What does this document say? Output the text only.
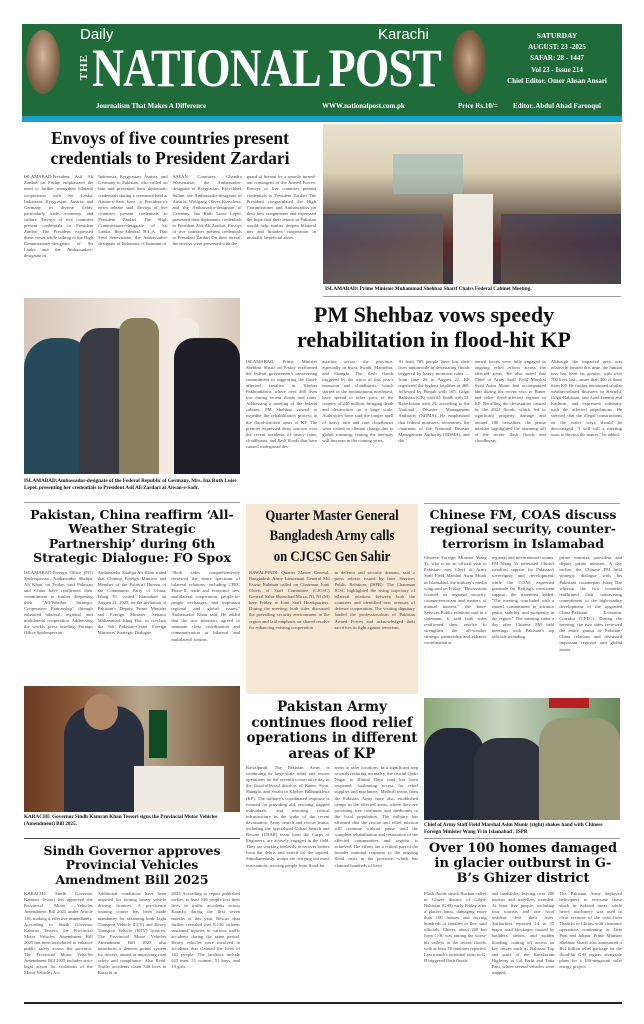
Daily
THE NATIONAL POST
Karachi
Journalism That Makes A Difference	WWW.nationalpost.com.pk	Price Rs.10/=
SATURDAY
AUGUST: 23 -2025
SAFAR: 28 - 1447
Vol 23 - Issue 214
Chief Editor. Omer Ahsan Ansari
Editor..Abdul Ahad Farooqui
Envoys of five countries present credentials to President Zardari
ISLAMABAD:President Asif Ali Zardari on Friday emphasized the need to further strengthen bilateral cooperation with Sri Lanka, Indonesia, Kyrgyzstan, Austria, and Germany in diverse fields, particularly trade, economy, and culture. Envoys of five countries present credentials to President Zardari The President expressed these views while talking to the High Commissioner-designate of Sri Lanka and the Ambassadors-designate of
Indonesia, Kyrgyzstan, Austria, and Germany to Pakistan, who called on him and presented their diplomatic credentials during a ceremony held at Aiwan-e-Sadr here, a Presidency's news release said. Envoys of five countries present credentials to President Zardari The High Commissioner-designate of Sri Lanka, Rear-Admiral H.L.A. Don Fred Seneviratne, the Ambassador-designate of Indonesia / Chairman of
ASEAN Countries, Chandra Warsenanto, the Ambassador-designate of Kyrgyzstan, Kylychbek Sultan, the Ambassador-designate of Austria, Wolfgang Oliver Kutschera, and the Ambassador-designate of Germany, Ina Ruth Luise Lepel, presented their diplomatic credentials to President Asif Ali Zardari. Envoys of five countries present credentials to President Zardari On their arrival, the envoys were presented with the
guard of honour by a smartly turned-out contingent of the Armed Forces. Envoys of five countries present credentials to President Zardari The President congratulated the High Commissioner and Ambassadors on their new assignments and expressed the hope that their tenure in Pakistan would help further deepen bilateral ties and broaden cooperation in mutually beneficial areas.
ISLAMABAD: Prime Minister Muhammad Shehbaz Sharif Chairs Federal Cabinet Meeting.
ISLAMABAD:Ambassador-designate of the Federal Republic of Germany, Mrs. Ina Ruth Luise Lepel, presenting her credentials to President Asif Ali Zardari at Aiwan-e-Sadr.
PM Shehbaz vows speedy rehabilitation in flood-hit KP
ISLAMABAD: Prime Minister Shehbaz Sharif on Friday reaffirmed the federal government's unwavering commitment to supporting the flood-affected families in Khyber Pakhtunkhwa, where over 460 lives lost during recent floods and rains. Addressing a meeting of the federal cabinet, PM Shehbaz vowed to expedite the rehabilitation process in the flood-stricken areas of KP. The premier expressed deep concern over the recent incidents of heavy rains, cloudbursts, and flash floods that have caused widespread dev-
astation across the province, especially in Swat, Swabi, Mansehra, and Shangla. The flash floods triggered by the worst of this year's monsoon and cloudbursts, which started in the mountainous northwest, have spread to other parts of the country of 240 million, bringing death and destruction on a large scale. Authorities have said the longer spell of heavy rain and rare cloudbursts were rooted in climate change due to global warming, fearing the intensity will increase in the coming years.
At least 785 people have lost their lives nationwide in devastating floods triggered by heavy monsoon rains — from June 26 to August 22. KP registered the highest fatalities at 469, followed by Punjab with 165, Gilgit Baltistan (GB) with 45, Sindh with 51, Balochistan with 24, according to the National Disaster Management Authority (NDMA). He emphasised that federal ministers, secretaries, the chairman of the National Disaster Management Authority (NDMA), and the
armed forces were fully engaged in ongoing relief efforts across the affected areas. He also noted that Chief of Army Staff Field Marshal Syed Asim Munir had accompanied him during his recent visit to Buner and other flood-affected regions in KP. Recalling the devastation caused by the 2022 floods, which led to significant property damage and around 100 casualties, the prime minister highlighted the alarming toll of the recent flash floods and cloudbursts.
Although the impacted area was relatively limited this time, the human loss has been far greater, with over 700 lives lost—more than 400 of them from KP. He further mentioned similar weather-related disasters in Karachi, Gilgit-Baltistan, and Azad Jammu and Kashmir, and expressed solidarity with the affected populations. He stressed that the illegal constructions on the water ways should be discouraged. "I will call a meeting soon to discuss the matter," he added.
Pakistan, China reaffirm ‘All-Weather Strategic Partnership’ during 6th Strategic Dialogue: FO Spox
ISLAMABAD:Foreign Office (FO) Spokesperson, Ambassador Shafqat Ali Khan, on Friday, said Pakistan and China have reaffirmed their commitment to further deepening their "All-Weather Strategic Cooperative Partnership" through enhanced bilateral, regional, and multilateral cooperation. Addressing the weekly press briefing, Foreign Office Spokesperson
Ambassador Shafqat Ali Khan stated that Chinese Foreign Minister and Member of the Political Bureau of the Communist Party of China, Wang Yi, visited Islamabad on August 21, 2025, on the invitation of Pakistan's Deputy Prime Minister and Foreign Minister, Senator Mohammad Ishaq Dar, to co-chair the 6th Pakistan-China Foreign Ministers' Strategic Dialogue.
"Both sides comprehensively reviewed the entire spectrum of bilateral relations, including CPEC Phase-II, trade and economic ties, multilateral cooperation, people-to-people exchanges, and important regional and global issues," Ambassador Khan said. He added that the two ministers agreed to maintain close coordination and communication at bilateral and multilateral forums.
Quarter Master General Bangladesh Army calls on CJCSC Gen Sahir
RAWALPINDI: Quarter Master General, Bangladesh Army Lieutenant General Md Faizur Rahman called on Chairman Joint Chiefs of Staff Committee (CJCSC) General Sahir Shamshad Mirza, NI, NI (M) here Friday at Joint Staff Headquarters. During the meeting, both sides discussed the prevailing security environment in the region and laid emphasis on shared resolve for enhancing existing cooperation
in defence and security domain, said a press release issued by Inter Services Public Relations (ISPR). The Chairman JCSC highlighted the rising trajectory of bilateral relations between both the countries and identified new avenues of defence cooperation. The visiting dignitary lauded the professionalism of Pakistan Armed Forces and acknowledged their sacrifices in fight against terrorism.
Chinese FM, COAS discuss regional security, counter-terrorism in Islamabad
Chinese Foreign Minister Wang Yi, who is on an official visit to Pakistan, met Chief of Army Staff Field Marshal Asim Munir in Islamabad, the military's media wing said on Friday. "Discussions focused on regional security, counter-terrorism and matters of mutual interest," the Inter-Services Public relations said in a statement. It said both sides reaffirmed their resolve to strengthen the all-weather strategic partnership and enhance coordination at
regional and international forums. FM Wang Yi reiterated China's steadfast support for Pakistan's sovereignty and development, while the COAS expressed gratitude for Beijing's consistent support, the statement added. "The meeting concluded with a shared commitment to advance peace, stability, and prosperity in the region." The meeting came a day after Chinese FM held meetings with Pakistan's top officials including
prime minister, president and deputy prime minister. A day earlier, the Chinese FM held strategic dialogue with his Pakistani counterpart Ishaq Dar wherein the two countries reaffirmed their unwavering commitment to the high-quality development of the upgraded China-Pakistan Economic Corridor (CPEC). During the meeting, the two sides reviewed the entire gamut of Pakistan-China relations and discussed important regional and global issues.
KARACHI: Governor Sindh Kamran Khan Tessori signs the Provincial Motor Vehicles (Amendment) Bill 2025.
Pakistan Army continues flood relief operations in different areas of KP
Rawalpindi: The Pakistan Army is continuing its large-scale relief and rescue operations for the seventh consecutive day in the flood-affected districts of Buner, Swat, Shangla, and Swabi in Khyber Pakhtunkhwa (KP). The military's coordinated response is focused on providing aid, rescuing trapped individuals, and restoring critical infrastructure in the wake of the recent devastation. Army search and rescue teams, including the specialized Urban Search and Rescue (USAR) team from the Corps of Engineers, are actively engaged in the field. They are working tirelessly to recover bodies from the debris and search for the injured. Simultaneously, troops are carrying out mass evacuations, moving people from flood-hit
areas to safer locations. In a significant step towards restoring normalcy, the crucial Qadir Nagar to Bhittai Dara road has been reopened, facilitating access for relief supplies and machinery. Medical teams from the Pakistan Army have also established camps in the affected areas, where they are providing free treatment and medicines to the local population. The military has affirmed that the rescue and relief mission will continue without pause until the complete rehabilitation and restoration of the affected communities and regions is achieved. The efforts are a critical part of the broader national response to the ongoing flood crisis in the province, which has claimed hundreds of lives.
Chief of Army Staff Field Marshal Asim Munir (right) shakes hand with Chinese Foreign Minister Wang Yi in Islamabad . ISPR
Sindh Governor approves Provincial Vehicles Amendment Bill 2025
KARACHI: Sindh Governor Kamran Tessori has approved the Provincial Motor Vehicles Amendment Bill 2025 under Article 116, making it effective immediately. According to Sindh Governor Kamran Tessori, the Provincial Motor Vehicles Amendment Bill 2025 has been introduced to enhance public safety across the province. The Provincial Motor Vehicles Amendment Bill 2025 includes strict legal action for violations of the Motor Vehicles Act.
Additional conditions have been imposed for issuing heavy vehicle driving licences. A pre-licence training course has been made mandatory for obtaining both Light Transport Vehicle (LTV) and Heavy Transport Vehicle (HTV) licences. The Provincial Motor Vehicles Amendment Bill 2025 also introduces a demerit points system for drivers, aimed at improving road safety and compliance. Also Read: Traffic accidents claim 546 lives in Karachi in
2025 According to report published earlier, at least 546 people lost their lives in traffic accidents across Karachi during the first seven months of this year. Rescue data further revealed that 8,136 citizens sustained injuries in various traffic accidents during the same period. Heavy vehicles were involved in accidents that claimed the lives of 165 people. The fatalities include 425 men, 51 women, 51 boys, and 19 girls.
Over 100 homes damaged in glacier outburst in G-B’s Ghizer district
Flash floods struck Roshan valley in Ghizer district of Gilgit-Baltistan (G-B) early Friday after a glacier burst, damaging more than 100 houses and forcing hundreds of families to flee, said officials. Ghizer, about 200 km from G-B, was among the worst-hit valleys in the recent floods, with at least 10 fatalities reported. Last month's torrential rains in G-B triggered flash floods
and landslides, leaving over 200 tourists and travellers stranded. At least five people, including four tourists and one local resident, lost their lives. Authorities reported 14 to 15 major road blockages caused by boulders, debris, and sudden flooding, cutting off access on key routes such as Babusar Top and parts of the Karakoram Highway at Lal Parhi and Tatta Pani, where several vehicles were trapped.
The Pakistan Army deployed helicopters to evacuate those stuck in isolated areas, while heavy machinery was used to clear sections of the road from Thalichi to Chilas, with clearance operations continuing in Tatta Pani and Jalipur. Prime Minister Shehbaz Sharif also announced a Rs4 billion relief package for the flood-hit G-B region, alongside plans for a 100-megawatt solar energy project.
